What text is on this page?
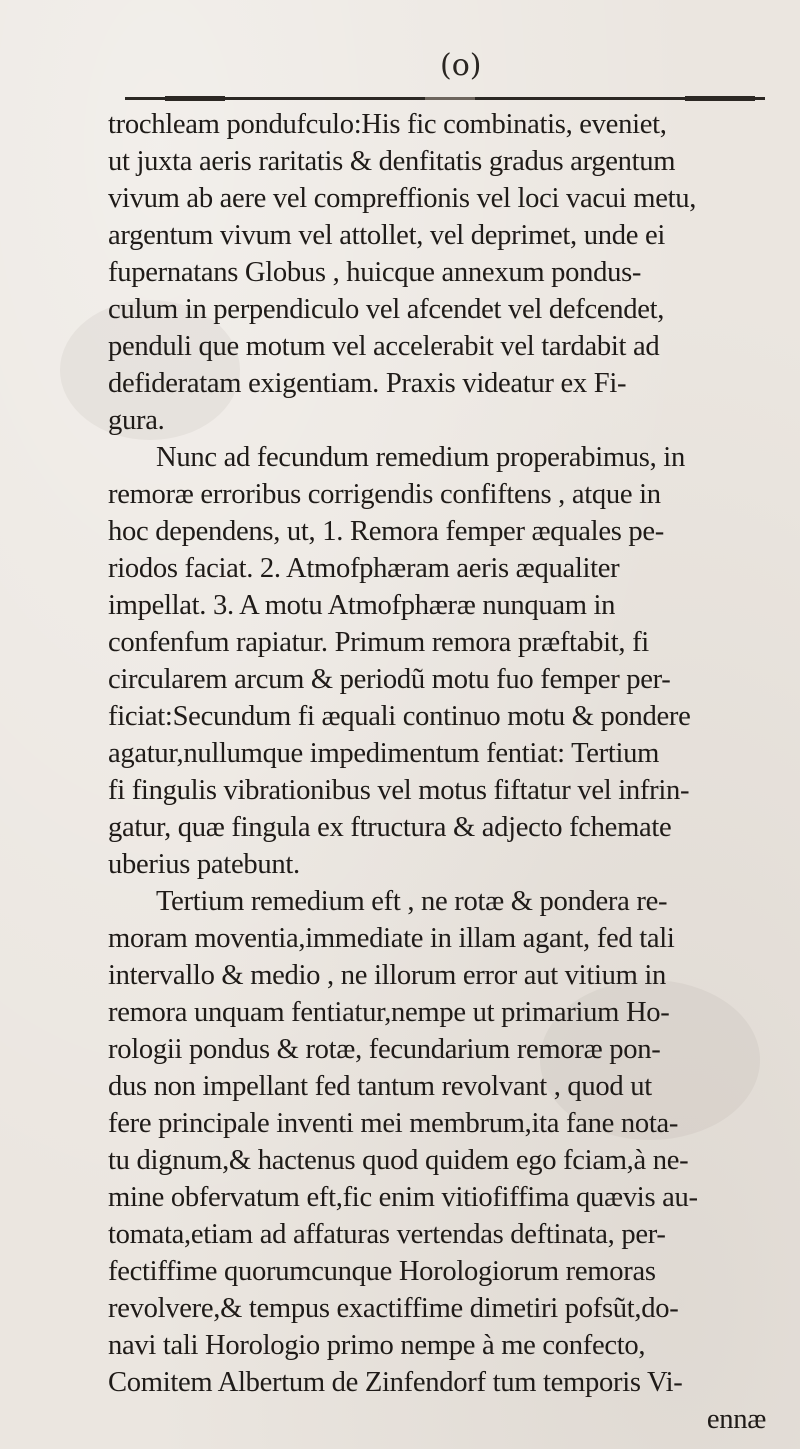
(o)
trochleam pondufculo:His fic combinatis, eveniet,
ut juxta aeris raritatis & denfitatis gradus argentum
vivum ab aere vel compreffionis vel loci vacui metu,
argentum vivum vel attollet, vel deprimet, unde ei
fupernatans Globus , huicque annexum pondus-
culum in perpendiculo vel afcendet vel defcendet,
penduli que motum vel accelerabit vel tardabit ad
defideratam exigentiam. Praxis videatur ex Fi-
gura.
Nunc ad fecundum remedium properabimus, in
remoræ erroribus corrigendis confiftens , atque in
hoc dependens, ut, 1. Remora femper æquales pe-
riodos faciat. 2. Atmofphæram aeris æqualiter
impellat. 3. A motu Atmofphæræ nunquam in
confenfum rapiatur. Primum remora præftabit, fi
circularem arcum & periodũ motu fuo femper per-
ficiat:Secundum fi æquali continuo motu & pondere
agatur,nullumque impedimentum fentiat: Tertium
fi fingulis vibrationibus vel motus fiftatur vel infrin-
gatur, quæ fingula ex ftructura & adjecto fchemate
uberius patebunt.
Tertium remedium eft , ne rotæ & pondera re-
moram moventia,immediate in illam agant, fed tali
intervallo & medio , ne illorum error aut vitium in
remora unquam fentiatur,nempe ut primarium Ho-
rologii pondus & rotæ, fecundarium remoræ pon-
dus non impellant fed tantum revolvant , quod ut
fere principale inventi mei membrum,ita fane nota-
tu dignum,& hactenus quod quidem ego fciam,à ne-
mine obfervatum eft,fic enim vitiofiffima quævis au-
tomata,etiam ad affaturas vertendas deftinata, per-
fectiffime quorumcunque Horologiorum remoras
revolvere,& tempus exactiffime dimetiri pofsũt,do-
navi tali Horologio primo nempe à me confecto,
Comitem Albertum de Zinfendorf tum temporis Vi-
ennæ
